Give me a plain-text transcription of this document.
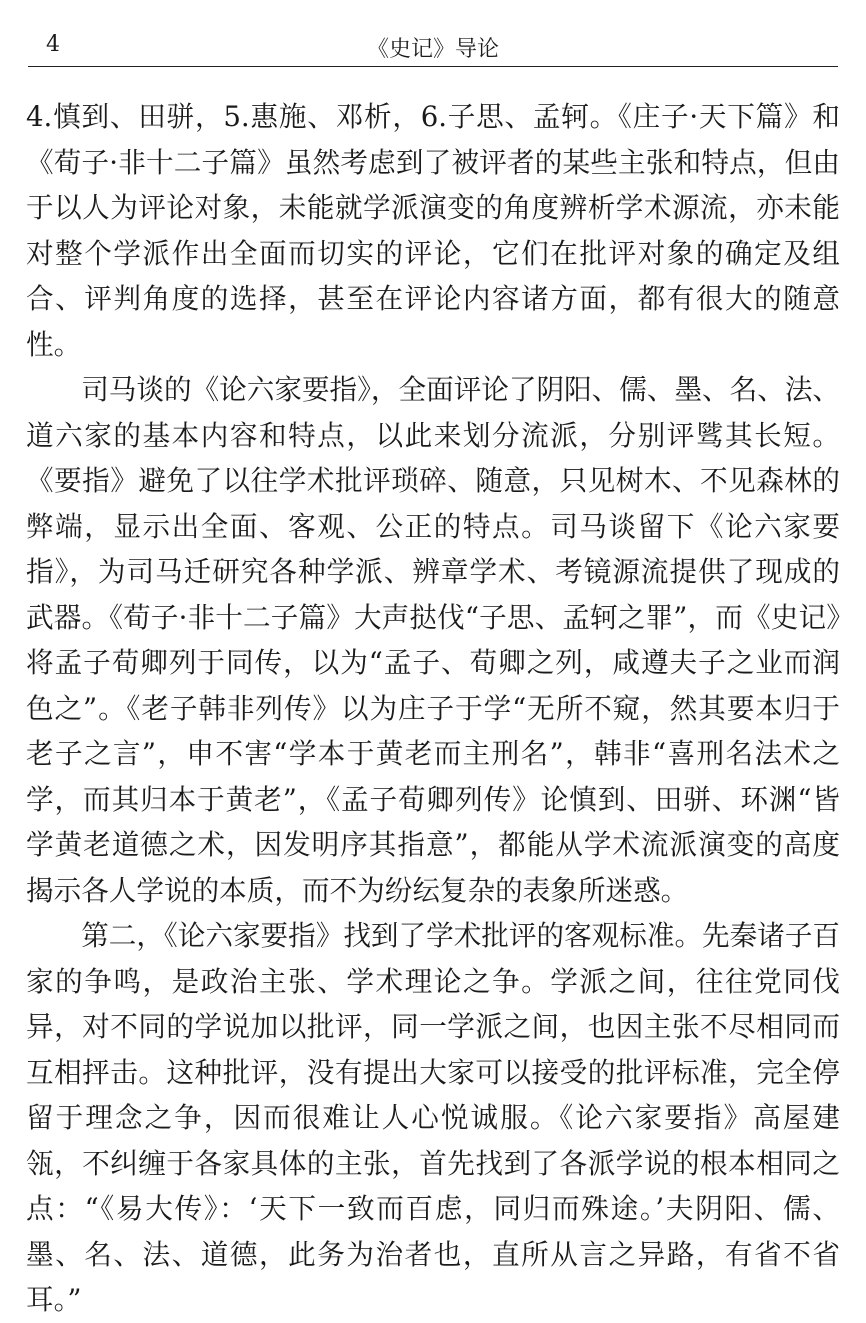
4	《史记》导论

4.慎到、田骈，5.惠施、邓析，6.子思、孟轲。《庄子·天下篇》和《荀子·非十二子篇》虽然考虑到了被评者的某些主张和特点，但由于以人为评论对象，未能就学派演变的角度辨析学术源流，亦未能对整个学派作出全面而切实的评论，它们在批评对象的确定及组合、评判角度的选择，甚至在评论内容诸方面，都有很大的随意性。

司马谈的《论六家要指》，全面评论了阴阳、儒、墨、名、法、道六家的基本内容和特点，以此来划分流派，分别评骘其长短。《要指》避免了以往学术批评琐碎、随意，只见树木、不见森林的弊端，显示出全面、客观、公正的特点。司马谈留下《论六家要指》，为司马迁研究各种学派、辨章学术、考镜源流提供了现成的武器。《荀子·非十二子篇》大声挞伐“子思、孟轲之罪”，而《史记》将孟子荀卿列于同传，以为“孟子、荀卿之列，咸遵夫子之业而润色之”。《老子韩非列传》以为庄子于学“无所不窥，然其要本归于老子之言”，申不害“学本于黄老而主刑名”，韩非“喜刑名法术之学，而其归本于黄老”，《孟子荀卿列传》论慎到、田骈、环渊“皆学黄老道德之术，因发明序其指意”，都能从学术流派演变的高度揭示各人学说的本质，而不为纷纭复杂的表象所迷惑。

第二，《论六家要指》找到了学术批评的客观标准。先秦诸子百家的争鸣，是政治主张、学术理论之争。学派之间，往往党同伐异，对不同的学说加以批评，同一学派之间，也因主张不尽相同而互相抨击。这种批评，没有提出大家可以接受的批评标准，完全停留于理念之争，因而很难让人心悦诚服。《论六家要指》高屋建瓴，不纠缠于各家具体的主张，首先找到了各派学说的根本相同之点：“《易大传》：‘天下一致而百虑，同归而殊途。’夫阴阳、儒、墨、名、法、道德，此务为治者也，直所从言之异路，有省不省耳。”
